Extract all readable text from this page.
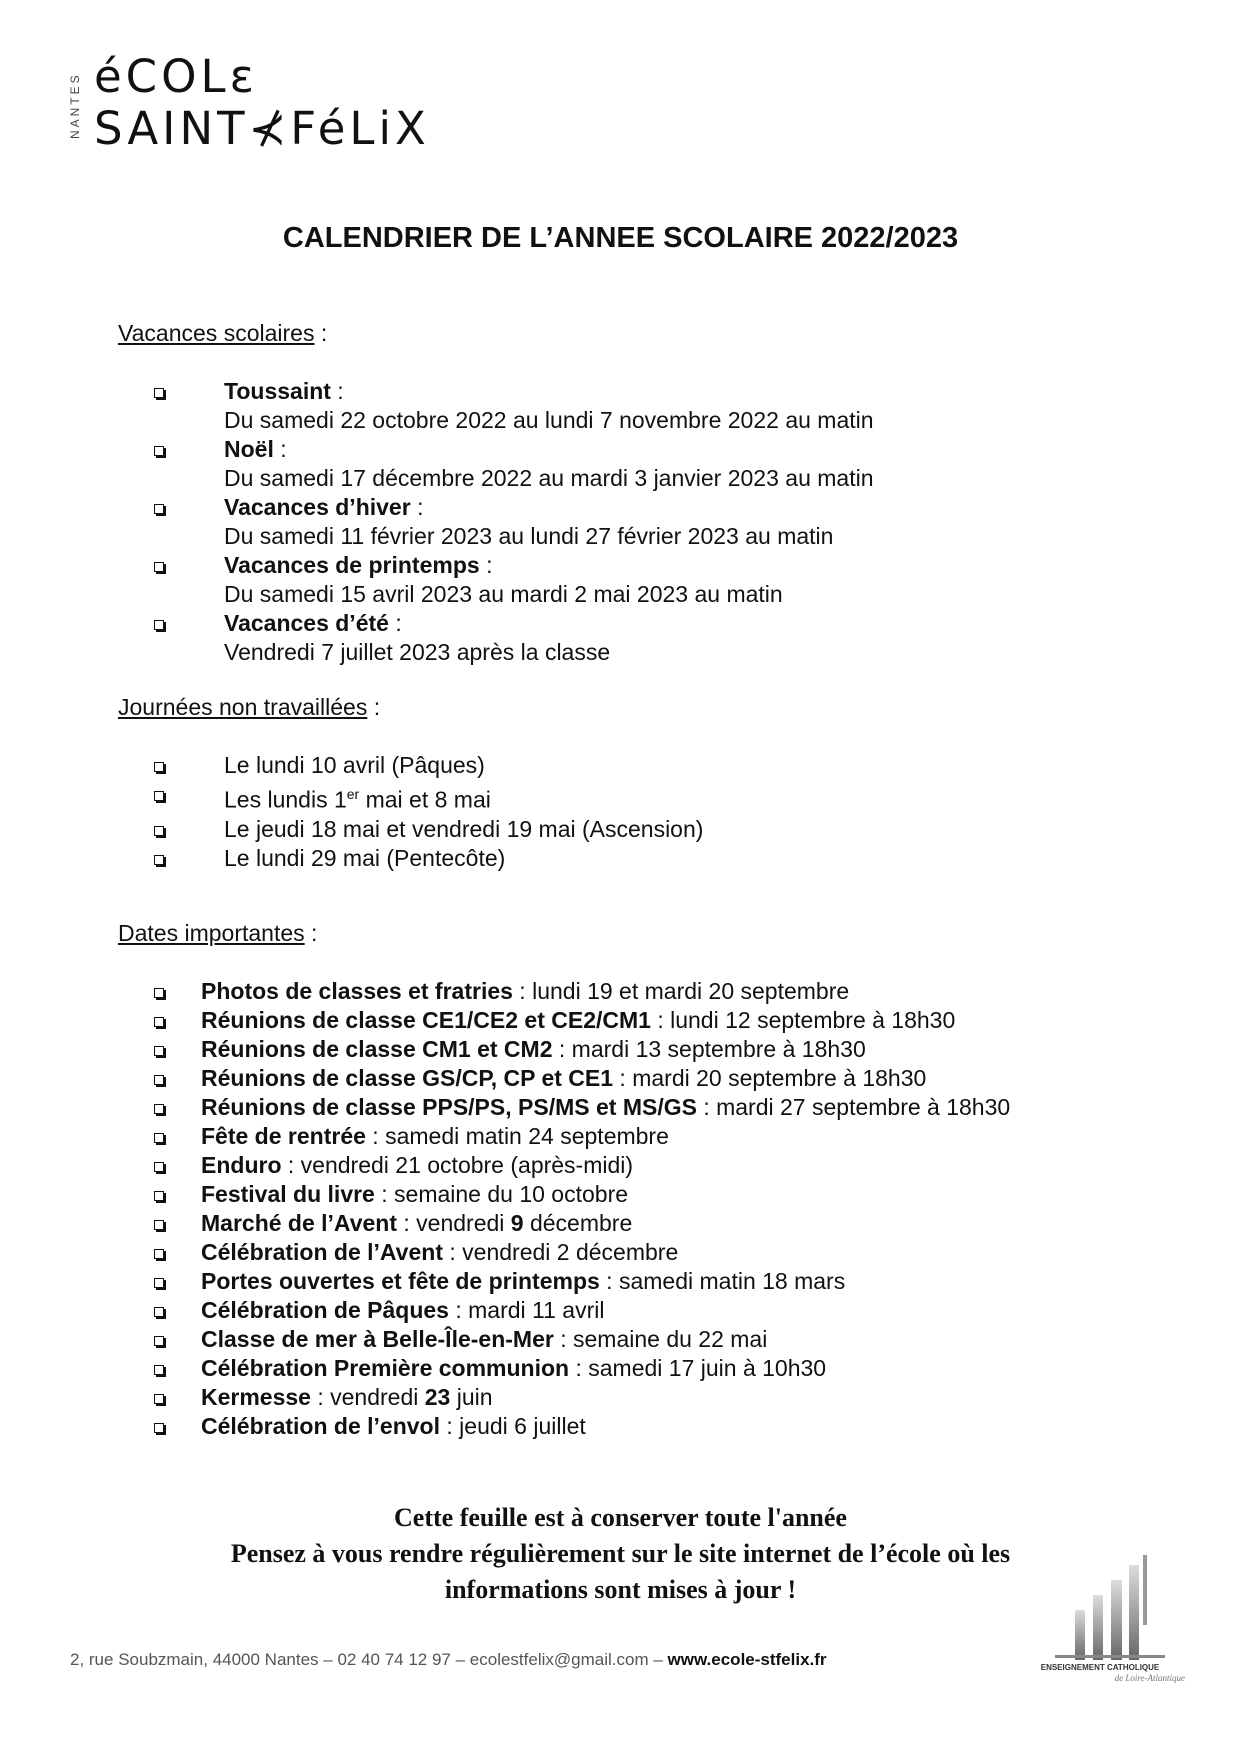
NANTES éCOLɛ
SAINT⊀FéLiX
CALENDRIER DE L’ANNEE SCOLAIRE 2022/2023
Vacances scolaires :
Toussaint :
Du samedi 22 octobre 2022 au lundi 7 novembre 2022 au matin
Noël :
Du samedi 17 décembre 2022 au mardi 3 janvier 2023 au matin
Vacances d’hiver :
Du samedi 11 février 2023 au lundi 27 février 2023 au matin
Vacances de printemps :
Du samedi 15 avril 2023 au mardi 2 mai 2023 au matin
Vacances d’été :
Vendredi 7 juillet 2023 après la classe
Journées non travaillées :
Le lundi 10 avril (Pâques)
Les lundis 1er mai et 8 mai
Le jeudi 18 mai et vendredi 19 mai (Ascension)
Le lundi 29 mai (Pentecôte)
Dates importantes :
Photos de classes et fratries : lundi 19 et mardi 20 septembre
Réunions de classe CE1/CE2 et CE2/CM1 : lundi 12 septembre à 18h30
Réunions de classe CM1 et CM2 : mardi 13 septembre à 18h30
Réunions de classe GS/CP, CP et CE1 : mardi 20 septembre à 18h30
Réunions de classe PPS/PS, PS/MS et MS/GS : mardi 27 septembre à 18h30
Fête de rentrée : samedi matin 24 septembre
Enduro : vendredi 21 octobre (après-midi)
Festival du livre : semaine du 10 octobre
Marché de l’Avent : vendredi 9 décembre
Célébration de l’Avent : vendredi 2 décembre
Portes ouvertes et fête de printemps : samedi matin 18 mars
Célébration de Pâques : mardi 11 avril
Classe de mer à Belle-Île-en-Mer : semaine du 22 mai
Célébration Première communion : samedi 17 juin à 10h30
Kermesse : vendredi 23 juin
Célébration de l’envol : jeudi 6 juillet
Cette feuille est à conserver toute l'année
Pensez à vous rendre régulièrement sur le site internet de l’école où les
informations sont mises à jour !
2, rue Soubzmain, 44000 Nantes – 02 40 74 12 97 – ecolestfelix@gmail.com – www.ecole-stfelix.fr	ENSEIGNEMENT CATHOLIQUE
de Loire-Atlantique
